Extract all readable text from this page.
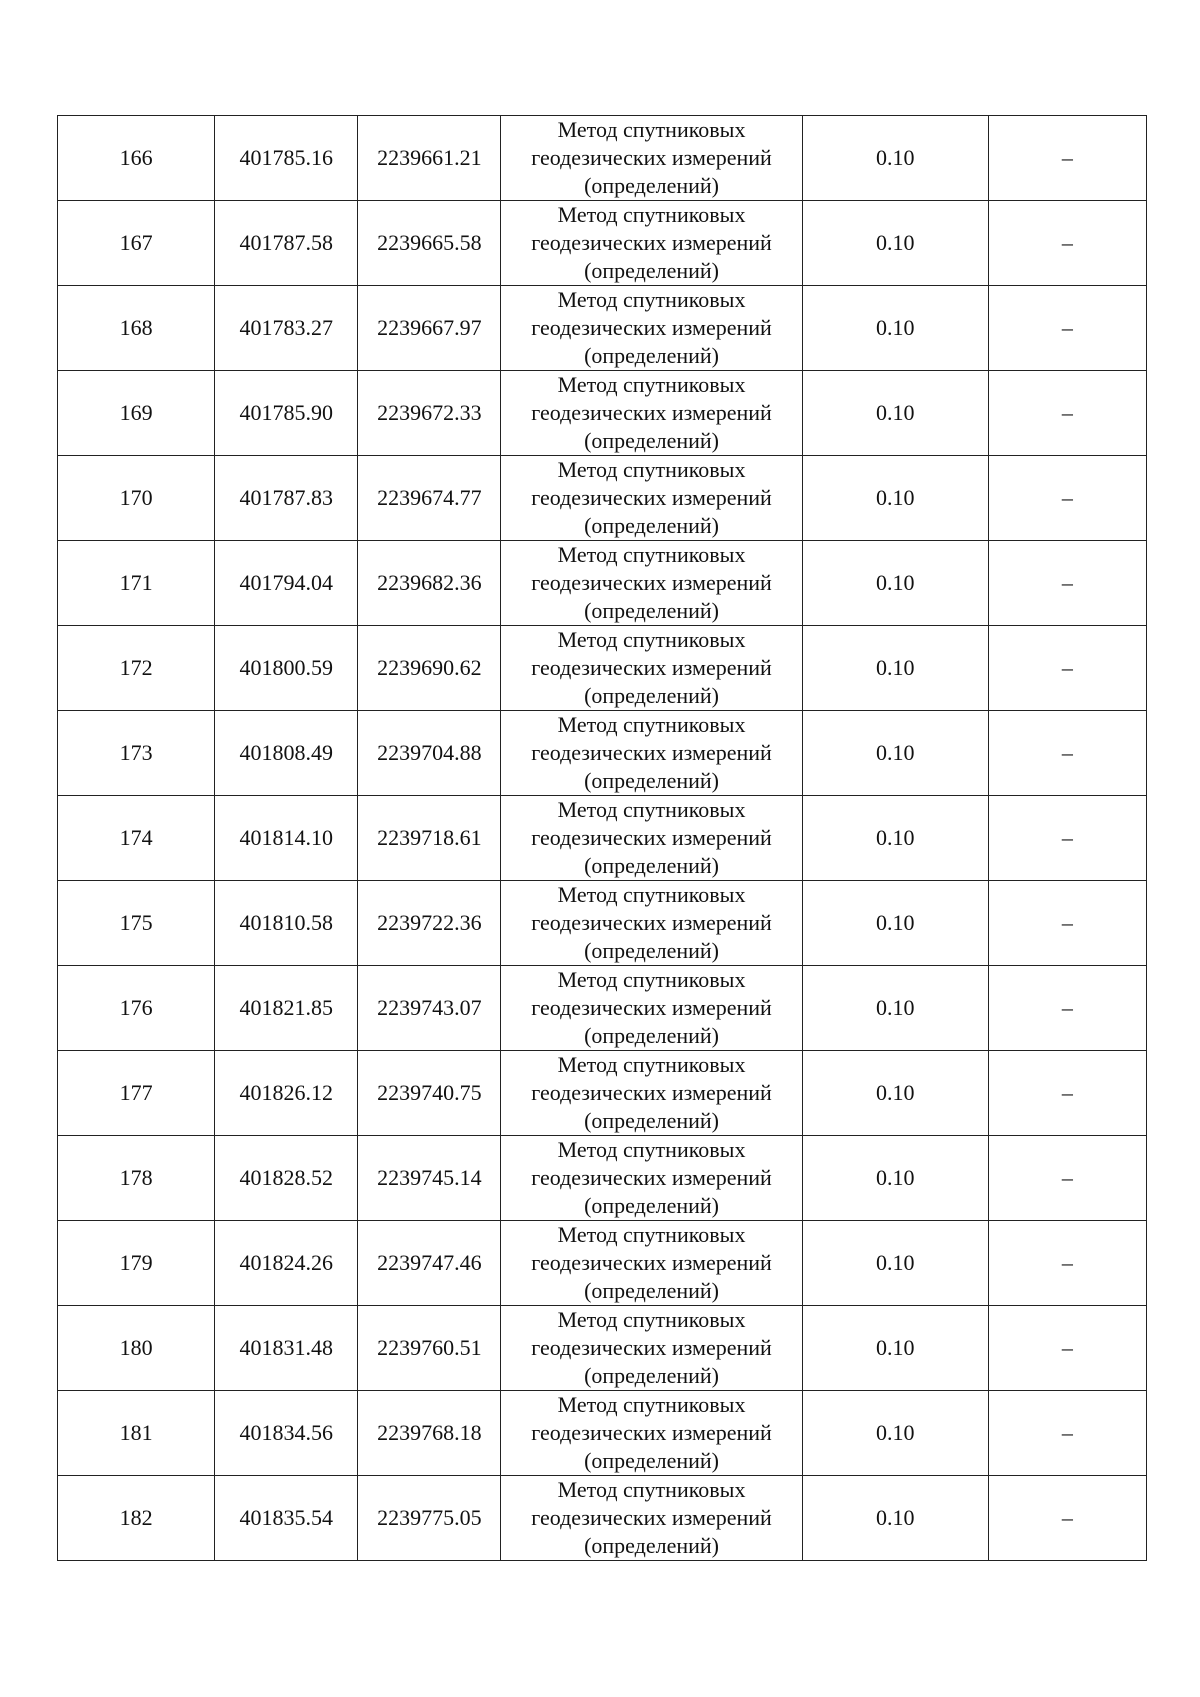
166	401785.16	2239661.21	Метод спутниковых
геодезических измерений
(определений)	0.10	–
167	401787.58	2239665.58	Метод спутниковых
геодезических измерений
(определений)	0.10	–
168	401783.27	2239667.97	Метод спутниковых
геодезических измерений
(определений)	0.10	–
169	401785.90	2239672.33	Метод спутниковых
геодезических измерений
(определений)	0.10	–
170	401787.83	2239674.77	Метод спутниковых
геодезических измерений
(определений)	0.10	–
171	401794.04	2239682.36	Метод спутниковых
геодезических измерений
(определений)	0.10	–
172	401800.59	2239690.62	Метод спутниковых
геодезических измерений
(определений)	0.10	–
173	401808.49	2239704.88	Метод спутниковых
геодезических измерений
(определений)	0.10	–
174	401814.10	2239718.61	Метод спутниковых
геодезических измерений
(определений)	0.10	–
175	401810.58	2239722.36	Метод спутниковых
геодезических измерений
(определений)	0.10	–
176	401821.85	2239743.07	Метод спутниковых
геодезических измерений
(определений)	0.10	–
177	401826.12	2239740.75	Метод спутниковых
геодезических измерений
(определений)	0.10	–
178	401828.52	2239745.14	Метод спутниковых
геодезических измерений
(определений)	0.10	–
179	401824.26	2239747.46	Метод спутниковых
геодезических измерений
(определений)	0.10	–
180	401831.48	2239760.51	Метод спутниковых
геодезических измерений
(определений)	0.10	–
181	401834.56	2239768.18	Метод спутниковых
геодезических измерений
(определений)	0.10	–
182	401835.54	2239775.05	Метод спутниковых
геодезических измерений
(определений)	0.10	–
